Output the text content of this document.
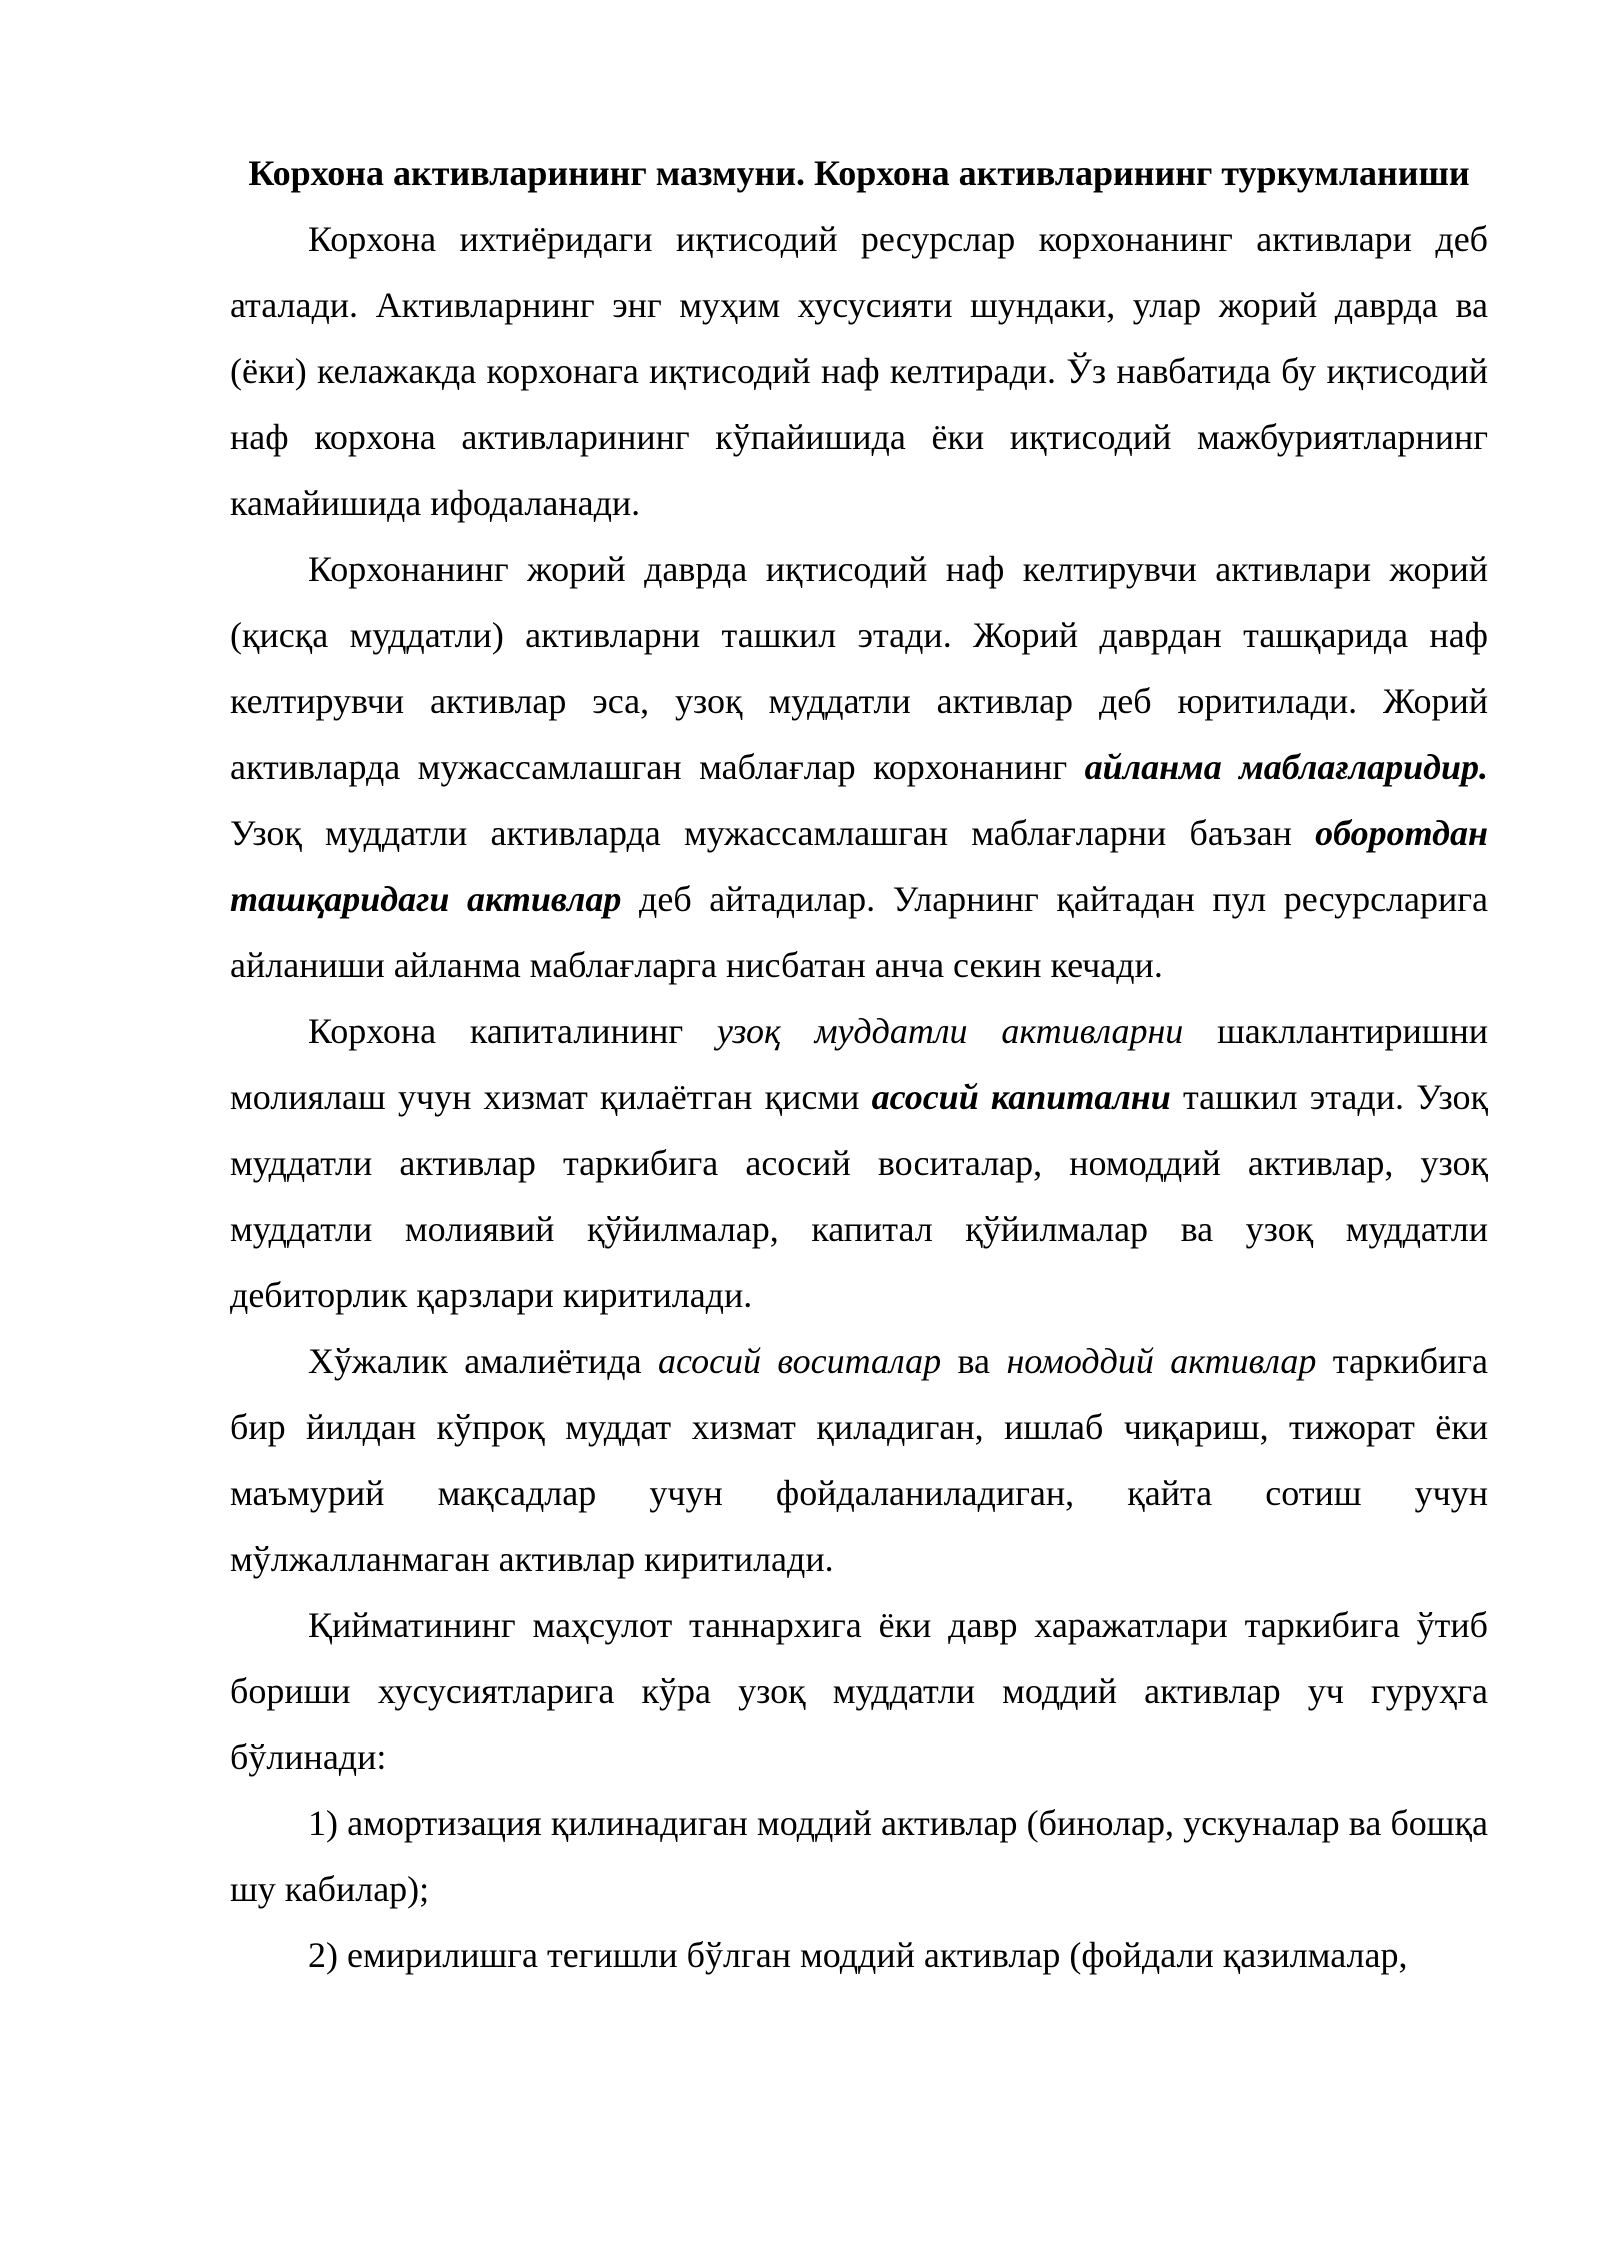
Корхона активларининг мазмуни. Корхона активларининг туркумланиши

Корхона ихтиёридаги иқтисодий ресурслар корхонанинг активлари деб аталади. Активларнинг энг муҳим хусусияти шундаки, улар жорий даврда ва (ёки) келажакда корхонага иқтисодий наф келтиради. Ўз навбатида бу иқтисодий наф корхона активларининг кўпайишида ёки иқтисодий мажбуриятларнинг камайишида ифодаланади.

Корхонанинг жорий даврда иқтисодий наф келтирувчи активлари жорий (қисқа муддатли) активларни ташкил этади. Жорий даврдан ташқарида наф келтирувчи активлар эса, узоқ муддатли активлар деб юритилади. Жорий активларда мужассамлашган маблағлар корхонанинг айланма маблағларидир. Узоқ муддатли активларда мужассамлашган маблағларни баъзан оборотдан ташқаридаги активлар деб айтадилар. Уларнинг қайтадан пул ресурсларига айланиши айланма маблағларга нисбатан анча секин кечади.

Корхона капиталининг узоқ муддатли активларни шакллантиришни молиялаш учун хизмат қилаётган қисми асосий капитални ташкил этади. Узоқ муддатли активлар таркибига асосий воситалар, номоддий активлар, узоқ муддатли молиявий қўйилмалар, капитал қўйилмалар ва узоқ муддатли дебиторлик қарзлари киритилади.

Хўжалик амалиётида асосий воситалар ва номоддий активлар таркибига бир йилдан кўпроқ муддат хизмат қиладиган, ишлаб чиқариш, тижорат ёки маъмурий мақсадлар учун фойдаланиладиган, қайта сотиш учун мўлжалланмаган активлар киритилади.

Қийматининг маҳсулот таннархига ёки давр харажатлари таркибига ўтиб бориши хусусиятларига кўра узоқ муддатли моддий активлар уч гуруҳга бўлинади:

1) амортизация қилинадиган моддий активлар (бинолар, ускуналар ва бошқа шу кабилар);

2) емирилишга тегишли бўлган моддий активлар (фойдали қазилмалар,
